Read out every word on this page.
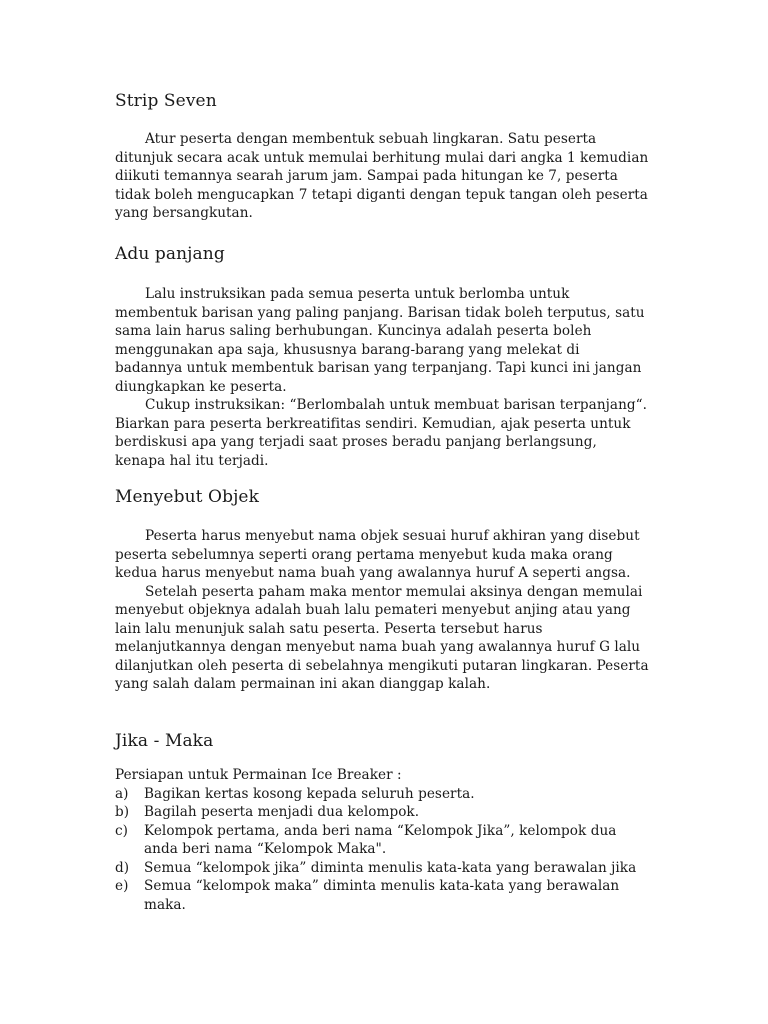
Strip Seven

Atur peserta dengan membentuk sebuah lingkaran. Satu peserta ditunjuk secara acak untuk memulai berhitung mulai dari angka 1 kemudian diikuti temannya searah jarum jam. Sampai pada hitungan ke 7, peserta tidak boleh mengucapkan 7 tetapi diganti dengan tepuk tangan oleh peserta yang bersangkutan.

Adu panjang

Lalu instruksikan pada semua peserta untuk berlomba untuk membentuk barisan yang paling panjang. Barisan tidak boleh terputus, satu sama lain harus saling berhubungan. Kuncinya adalah peserta boleh menggunakan apa saja, khususnya barang-barang yang melekat di badannya untuk membentuk barisan yang terpanjang. Tapi kunci ini jangan diungkapkan ke peserta.

Cukup instruksikan: “Berlombalah untuk membuat barisan terpanjang“. Biarkan para peserta berkreatifitas sendiri. Kemudian, ajak peserta untuk berdiskusi apa yang terjadi saat proses beradu panjang berlangsung, kenapa hal itu terjadi.

Menyebut Objek

Peserta harus menyebut nama objek sesuai huruf akhiran yang disebut peserta sebelumnya seperti orang pertama menyebut kuda maka orang kedua harus menyebut nama buah yang awalannya huruf A seperti angsa.

Setelah peserta paham maka mentor memulai aksinya dengan memulai menyebut objeknya adalah buah lalu pemateri menyebut anjing atau yang lain lalu menunjuk salah satu peserta. Peserta tersebut harus melanjutkannya dengan menyebut nama buah yang awalannya huruf G lalu dilanjutkan oleh peserta di sebelahnya mengikuti putaran lingkaran. Peserta yang salah dalam permainan ini akan dianggap kalah.

Jika - Maka

Persiapan untuk Permainan Ice Breaker :

a) Bagikan kertas kosong kepada seluruh peserta.
b) Bagilah peserta menjadi dua kelompok.
c) Kelompok pertama, anda beri nama “Kelompok Jika”, kelompok dua anda beri nama “Kelompok Maka".
d) Semua “kelompok jika” diminta menulis kata-kata yang berawalan jika
e) Semua “kelompok maka” diminta menulis kata-kata yang berawalan maka.
